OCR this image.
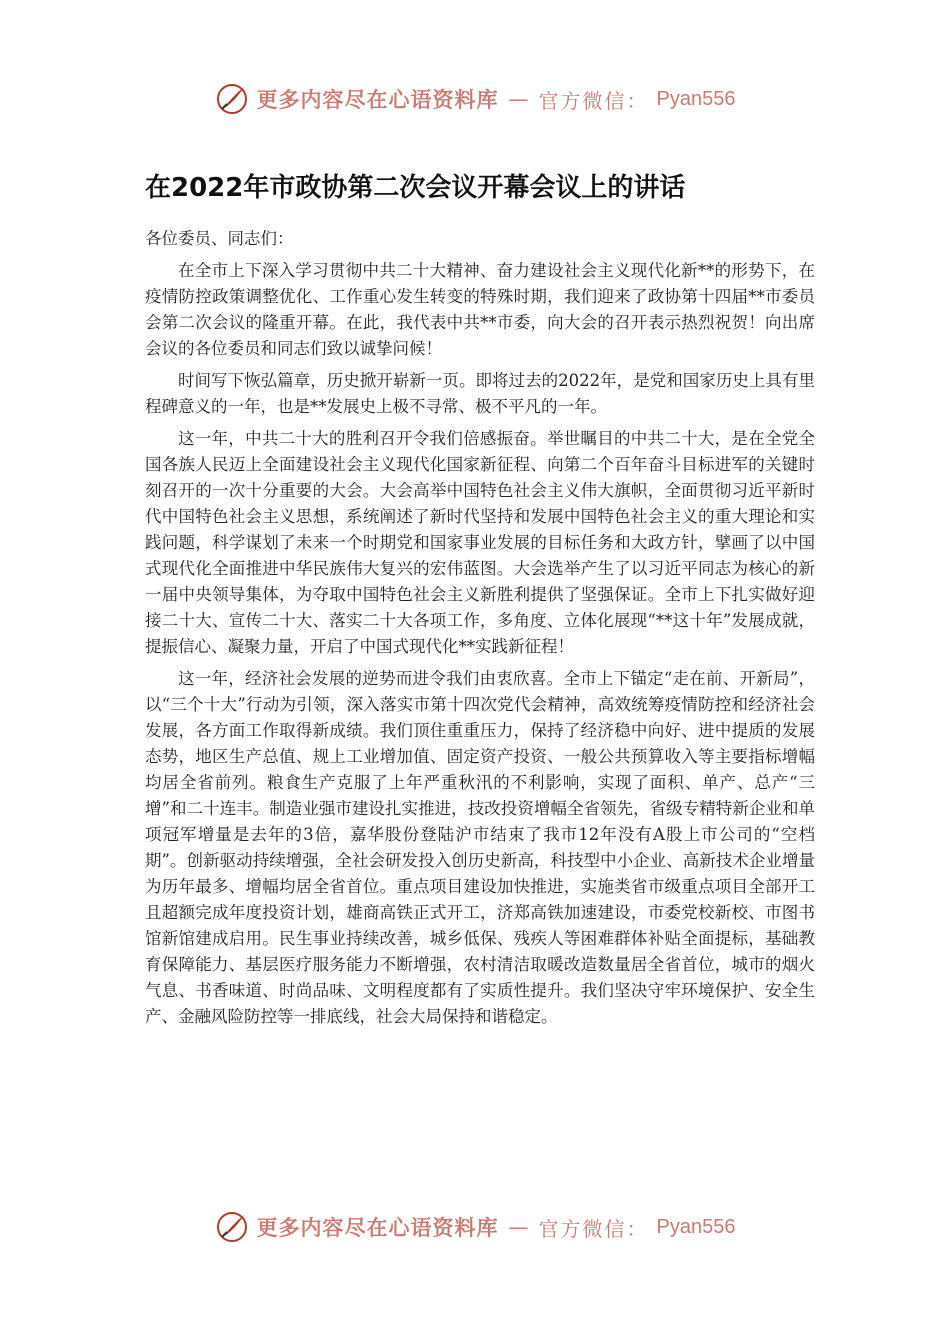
更多内容尽在心语资料库 — 官方微信： Pyan556
在2022年市政协第二次会议开幕会议上的讲话

各位委员、同志们：

在全市上下深入学习贯彻中共二十大精神、奋力建设社会主义现代化新**的形势下，在疫情防控政策调整优化、工作重心发生转变的特殊时期，我们迎来了政协第十四届**市委员会第二次会议的隆重开幕。在此，我代表中共**市委，向大会的召开表示热烈祝贺！向出席会议的各位委员和同志们致以诚挚问候！

时间写下恢弘篇章，历史掀开崭新一页。即将过去的2022年，是党和国家历史上具有里程碑意义的一年，也是**发展史上极不寻常、极不平凡的一年。

这一年，中共二十大的胜利召开令我们倍感振奋。举世瞩目的中共二十大，是在全党全国各族人民迈上全面建设社会主义现代化国家新征程、向第二个百年奋斗目标进军的关键时刻召开的一次十分重要的大会。大会高举中国特色社会主义伟大旗帜，全面贯彻习近平新时代中国特色社会主义思想，系统阐述了新时代坚持和发展中国特色社会主义的重大理论和实践问题，科学谋划了未来一个时期党和国家事业发展的目标任务和大政方针，擘画了以中国式现代化全面推进中华民族伟大复兴的宏伟蓝图。大会选举产生了以习近平同志为核心的新一届中央领导集体，为夺取中国特色社会主义新胜利提供了坚强保证。全市上下扎实做好迎接二十大、宣传二十大、落实二十大各项工作，多角度、立体化展现“**这十年”发展成就，提振信心、凝聚力量，开启了中国式现代化**实践新征程！

这一年，经济社会发展的逆势而进令我们由衷欣喜。全市上下锚定“走在前、开新局”，以“三个十大”行动为引领，深入落实市第十四次党代会精神，高效统筹疫情防控和经济社会发展，各方面工作取得新成绩。我们顶住重重压力，保持了经济稳中向好、进中提质的发展态势，地区生产总值、规上工业增加值、固定资产投资、一般公共预算收入等主要指标增幅均居全省前列。粮食生产克服了上年严重秋汛的不利影响，实现了面积、单产、总产“三增”和二十连丰。制造业强市建设扎实推进，技改投资增幅全省领先，省级专精特新企业和单项冠军增量是去年的3倍，嘉华股份登陆沪市结束了我市12年没有A股上市公司的“空档期”。创新驱动持续增强，全社会研发投入创历史新高，科技型中小企业、高新技术企业增量为历年最多、增幅均居全省首位。重点项目建设加快推进，实施类省市级重点项目全部开工且超额完成年度投资计划，雄商高铁正式开工，济郑高铁加速建设，市委党校新校、市图书馆新馆建成启用。民生事业持续改善，城乡低保、残疾人等困难群体补贴全面提标，基础教育保障能力、基层医疗服务能力不断增强，农村清洁取暖改造数量居全省首位，城市的烟火气息、书香味道、时尚品味、文明程度都有了实质性提升。我们坚决守牢环境保护、安全生产、金融风险防控等一排底线，社会大局保持和谐稳定。

更多内容尽在心语资料库 — 官方微信： Pyan556
